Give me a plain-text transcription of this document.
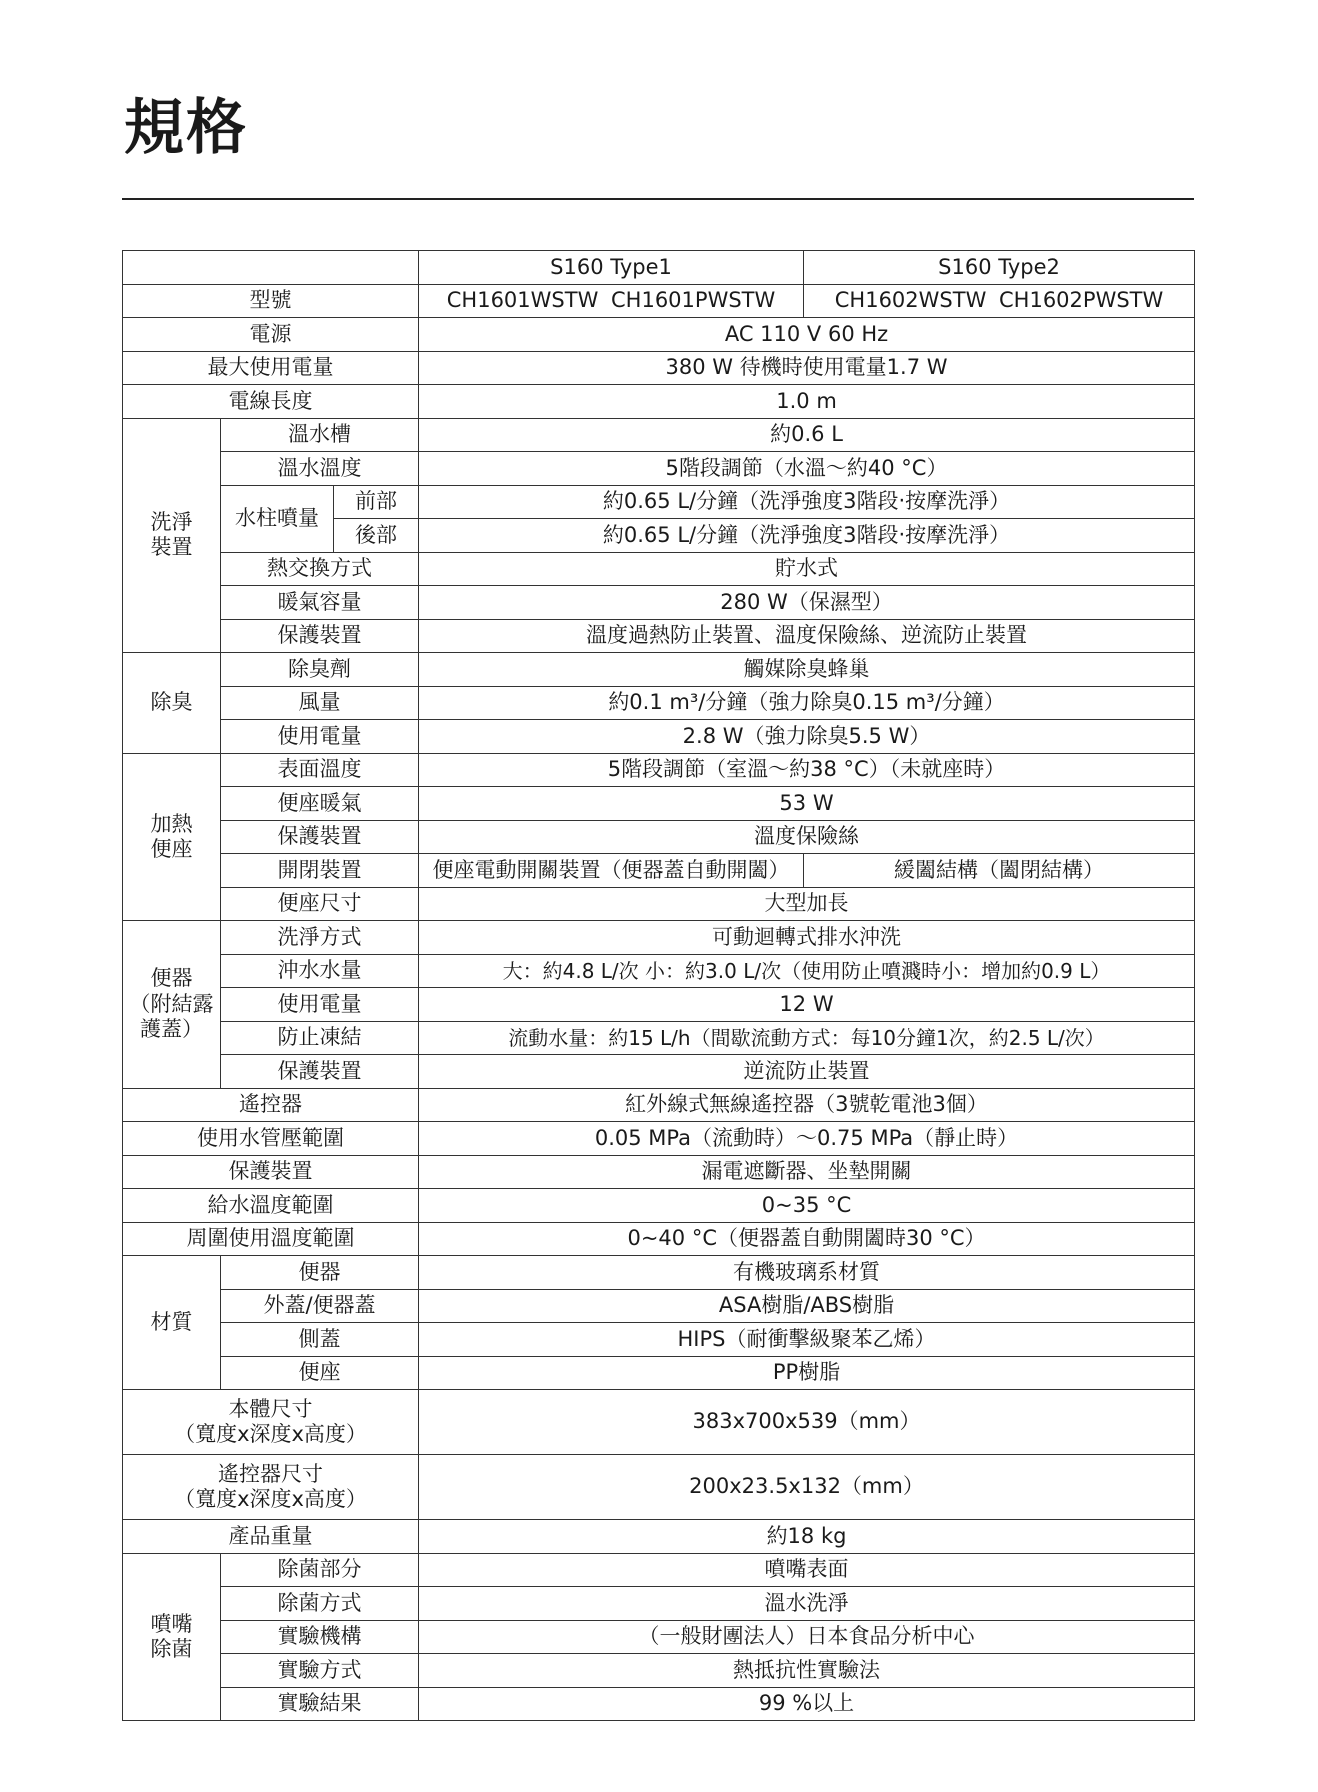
規格
			S160 Type1	S160 Type2
型號			CH1601WSTW CH1601PWSTW	CH1602WSTW CH1602PWSTW
電源			AC 110 V 60 Hz	
最大使用電量			380 W 待機時使用電量1.7 W	
電線長度			1.0 m	

洗淨
裝置	溫水槽		約0.6 L	
	溫水溫度		5階段調節（水溫～約40 °C）	
	水柱噴量	前部	約0.65 L/分鐘（洗淨強度3階段‧按摩洗淨）	
		後部	約0.65 L/分鐘（洗淨強度3階段‧按摩洗淨）	
	熱交換方式		貯水式	
	暖氣容量		280 W（保濕型）	
	保護裝置		溫度過熱防止裝置、溫度保險絲、逆流防止裝置	
除臭	除臭劑		觸媒除臭蜂巢	
	風量		約0.1 m³/分鐘（強力除臭0.15 m³/分鐘）	
	使用電量		2.8 W（強力除臭5.5 W）	

加熱
便座	表面溫度		5階段調節（室溫～約38 °C）（未就座時）	
	便座暖氣		53 W	
	保護裝置		溫度保險絲	
	開閉裝置		便座電動開關裝置（便器蓋自動開闔）	緩闔結構（闔閉結構）
	便座尺寸		大型加長	

便器
（附結露
護蓋）	洗淨方式		可動迴轉式排水沖洗	
	沖水水量		大：約4.8 L/次 小：約3.0 L/次（使用防止噴濺時小：增加約0.9 L）	
	使用電量		12 W	
	防止凍結		流動水量：約15 L/h（間歇流動方式：每10分鐘1次，約2.5 L/次）	
	保護裝置		逆流防止裝置	
遙控器			紅外線式無線遙控器（3號乾電池3個）	
使用水管壓範圍			0.05 MPa（流動時）～0.75 MPa（靜止時）	
保護裝置			漏電遮斷器、坐墊開關	
給水溫度範圍			0~35 °C	
周圍使用溫度範圍			0~40 °C（便器蓋自動開闔時30 °C）	
材質	便器		有機玻璃系材質	
	外蓋/便器蓋		ASA樹脂/ABS樹脂	
	側蓋		HIPS（耐衝擊級聚苯乙烯）	
	便座		PP樹脂	

本體尺寸
（寬度x深度x高度）			383x700x539（mm）	

遙控器尺寸
（寬度x深度x高度）			200x23.5x132（mm）	
產品重量			約18 kg	

噴嘴
除菌	除菌部分		噴嘴表面	
	除菌方式		溫水洗淨	
	實驗機構		（一般財團法人）日本食品分析中心	
	實驗方式		熱抵抗性實驗法	
	實驗結果		99 %以上	
